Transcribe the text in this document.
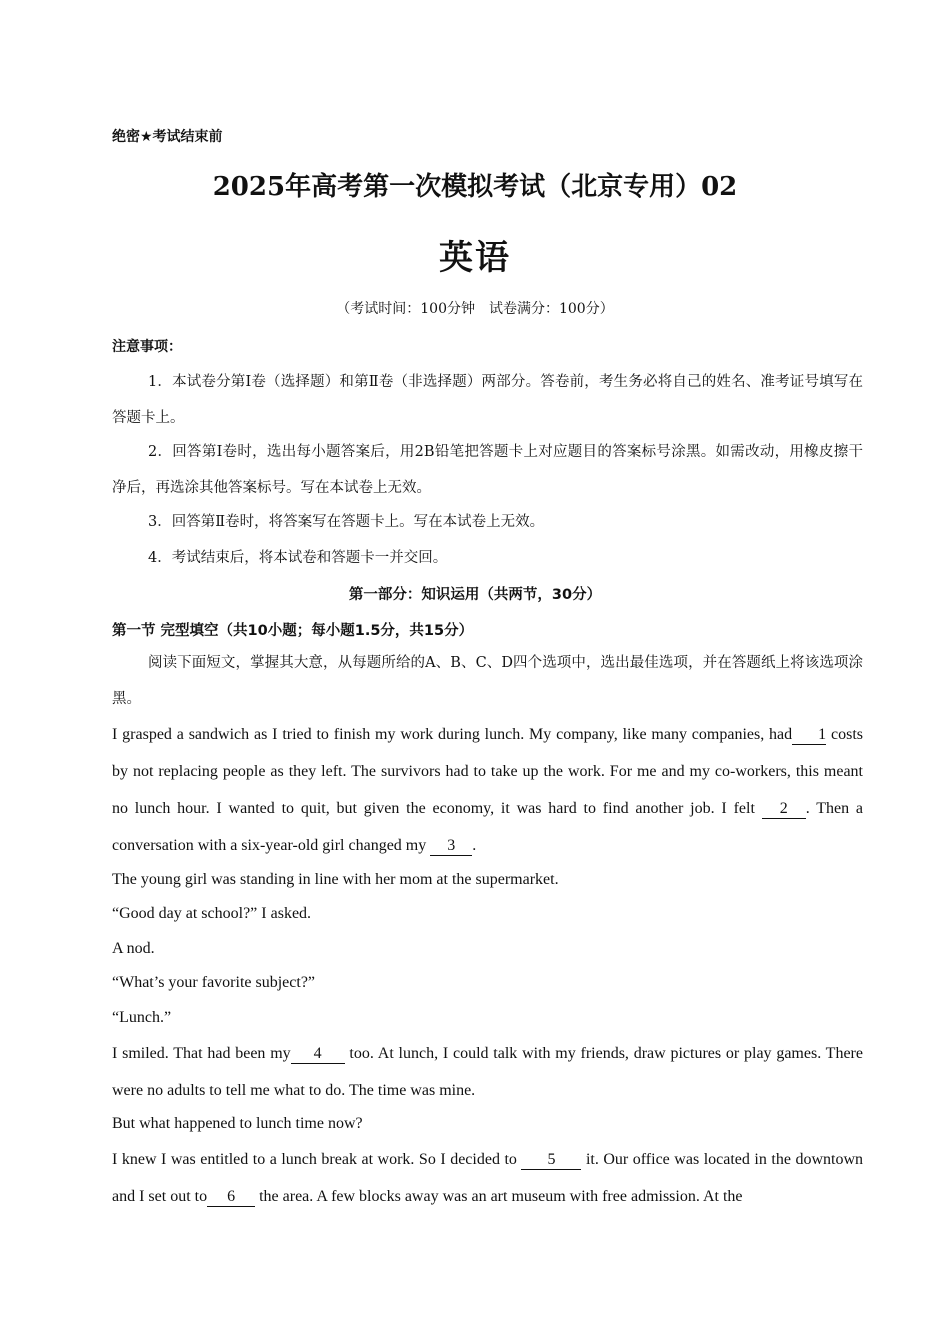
绝密★考试结束前
2025年高考第一次模拟考试（北京专用）02
英语
（考试时间：100分钟　试卷满分：100分）
注意事项：
1．本试卷分第Ⅰ卷（选择题）和第Ⅱ卷（非选择题）两部分。答卷前，考生务必将自己的姓名、准考证号填写在答题卡上。
2．回答第Ⅰ卷时，选出每小题答案后，用2B铅笔把答题卡上对应题目的答案标号涂黑。如需改动，用橡皮擦干净后，再选涂其他答案标号。写在本试卷上无效。
3．回答第Ⅱ卷时，将答案写在答题卡上。写在本试卷上无效。
4．考试结束后，将本试卷和答题卡一并交回。
第一部分：知识运用（共两节，30分）
第一节 完型填空（共10小题；每小题1.5分，共15分）
阅读下面短文，掌握其大意，从每题所给的A、B、C、D四个选项中，选出最佳选项，并在答题纸上将该选项涂黑。
I grasped a sandwich as I tried to finish my work during lunch. My company, like many companies, had 1 costs by not replacing people as they left. The survivors had to take up the work. For me and my co-workers, this meant no lunch hour. I wanted to quit, but given the economy, it was hard to find another job. I felt 2 . Then a conversation with a six-year-old girl changed my 3 .
The young girl was standing in line with her mom at the supermarket.
“Good day at school?” I asked.
A nod.
“What’s your favorite subject?”
“Lunch.”
I smiled. That had been my 4 too. At lunch, I could talk with my friends, draw pictures or play games. There were no adults to tell me what to do. The time was mine.
But what happened to lunch time now?
I knew I was entitled to a lunch break at work. So I decided to 5 it. Our office was located in the downtown and I set out to 6 the area. A few blocks away was an art museum with free admission. At the
